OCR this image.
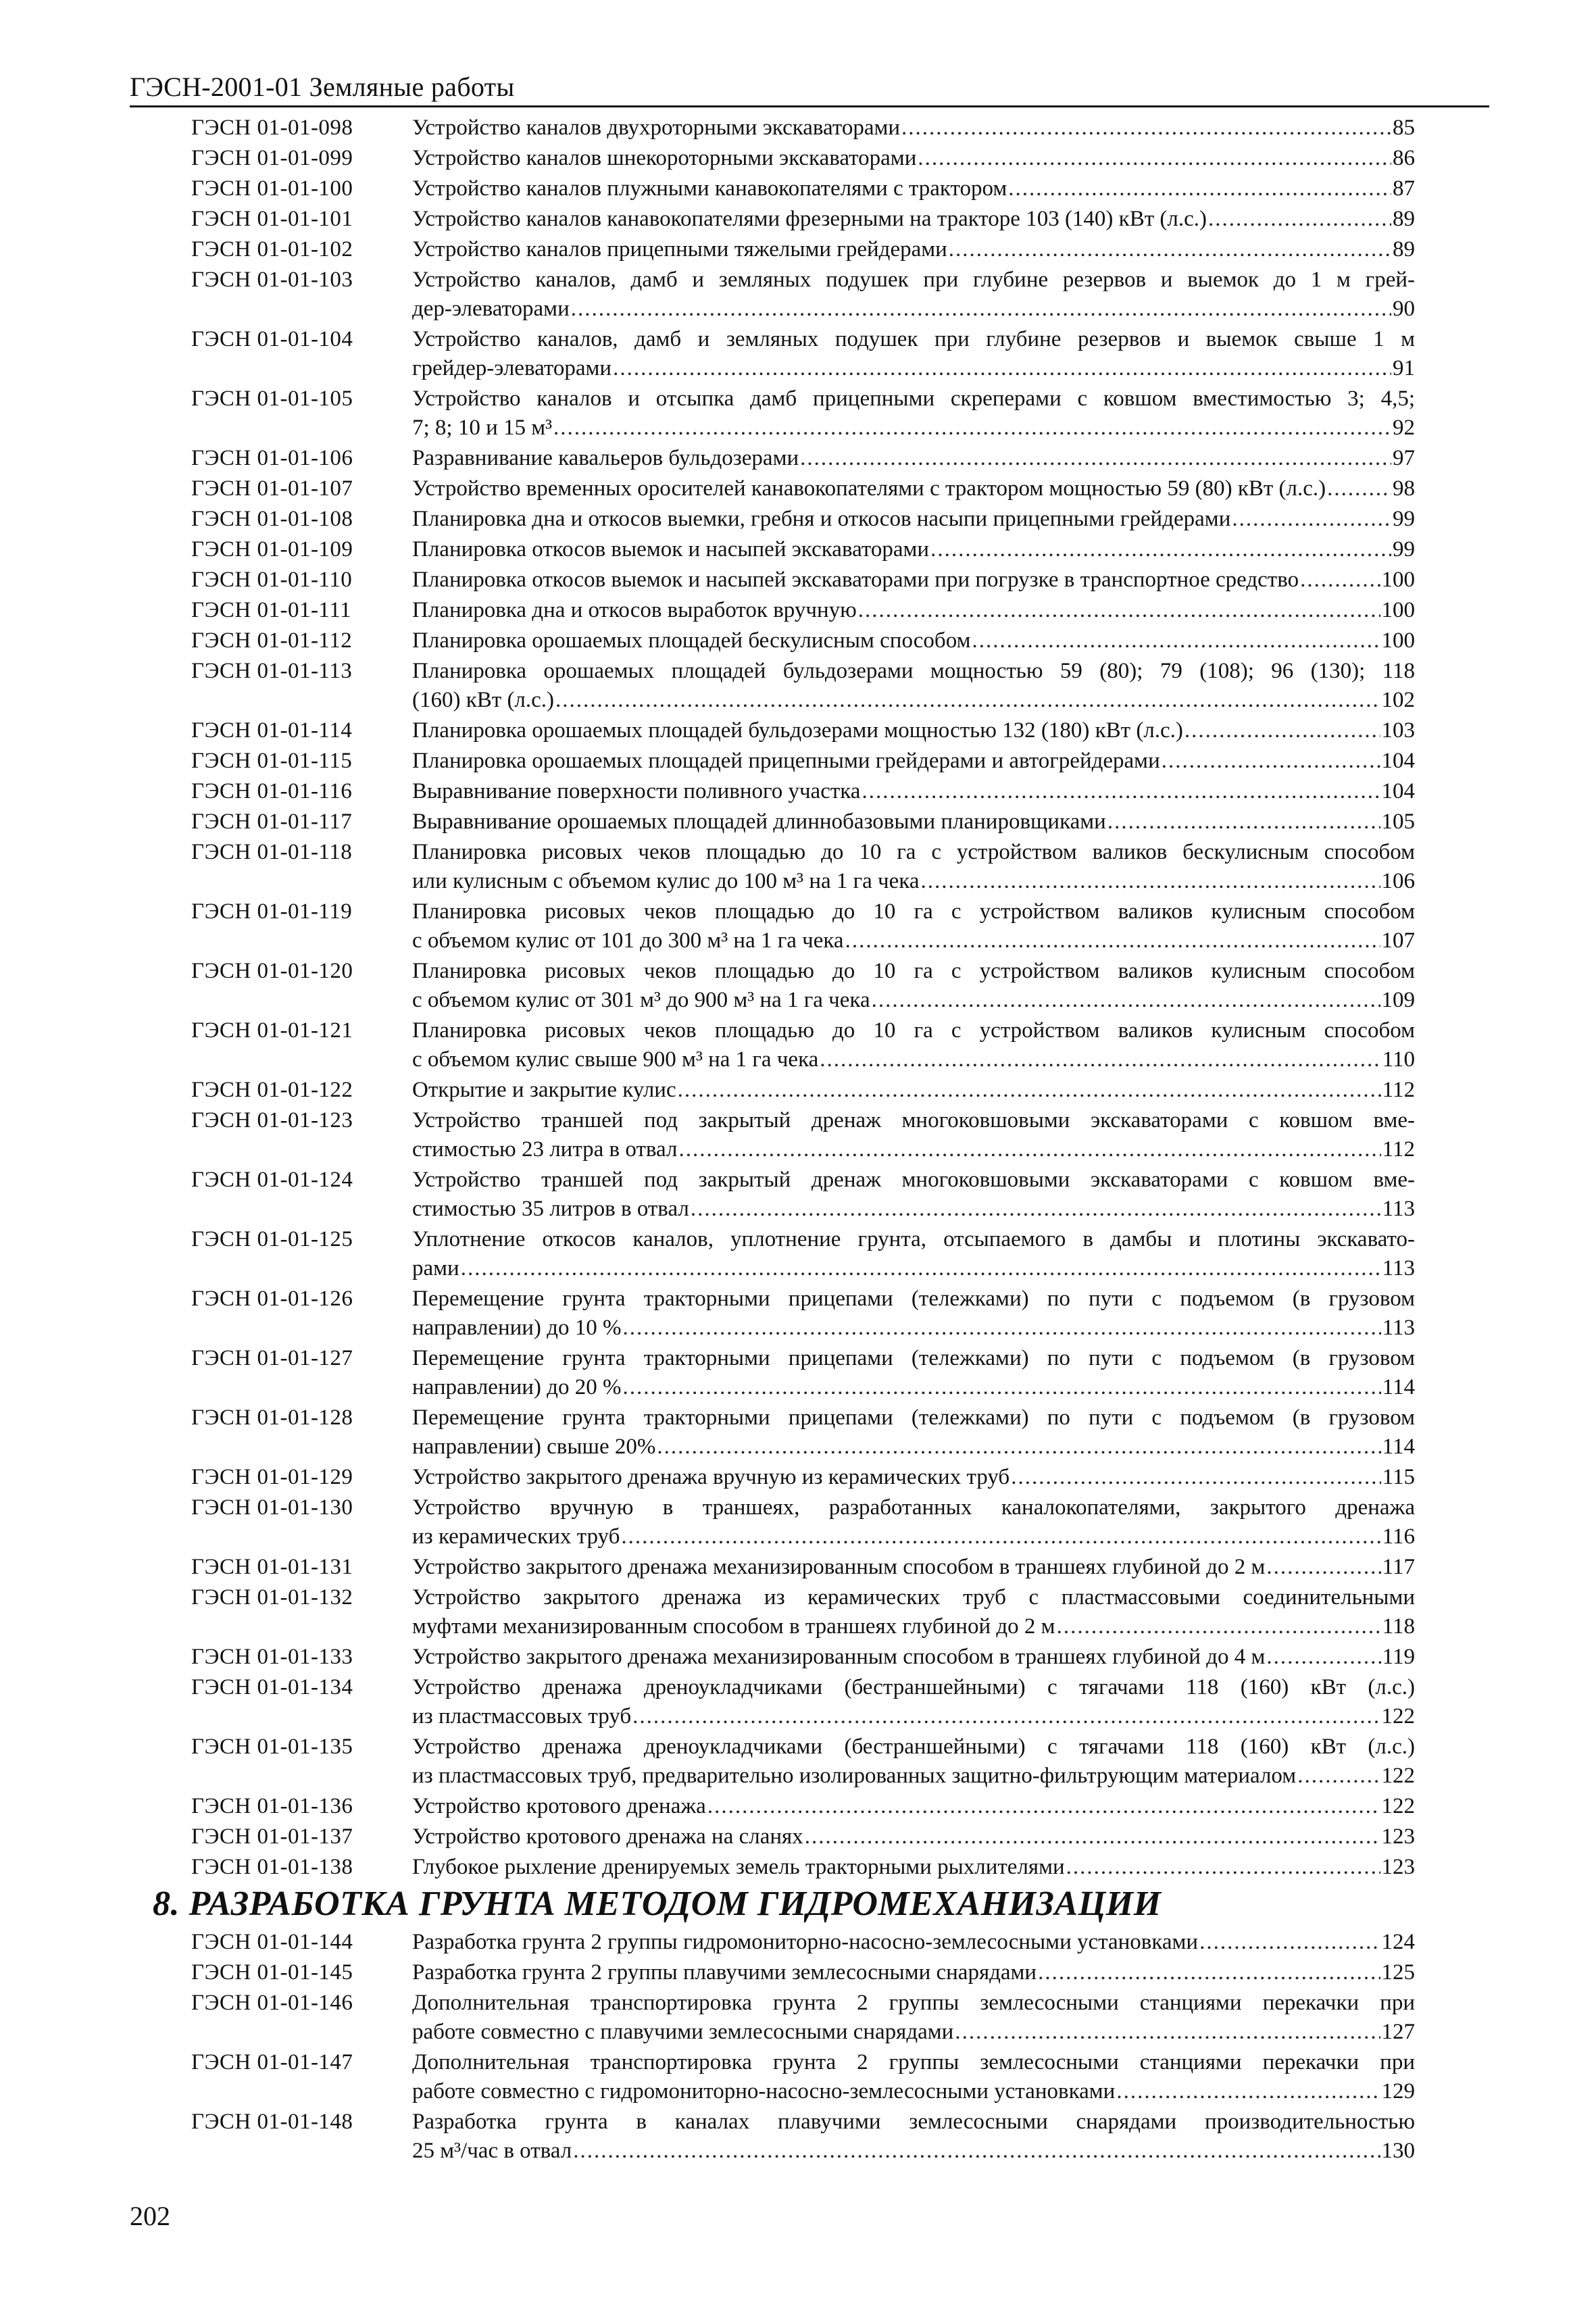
ГЭСН-2001-01 Земляные работы
ГЭСН 01-01-098	Устройство каналов двухроторными экскаваторами .....	85
ГЭСН 01-01-099	Устройство каналов шнекороторными экскаваторами .....	86
ГЭСН 01-01-100	Устройство каналов плужными канавокопателями с трактором .....	87
ГЭСН 01-01-101	Устройство каналов канавокопателями фрезерными на тракторе 103 (140) кВт (л.с.) .....	89
ГЭСН 01-01-102	Устройство каналов прицепными тяжелыми грейдерами .....	89
ГЭСН 01-01-103	Устройство каналов, дамб и земляных подушек при глубине резервов и выемок до 1 м грей-
дер-элеваторами .....	90
ГЭСН 01-01-104	Устройство каналов, дамб и земляных подушек при глубине резервов и выемок свыше 1 м
грейдер-элеваторами .....	91
ГЭСН 01-01-105	Устройство каналов и отсыпка дамб прицепными скреперами с ковшом вместимостью 3; 4,5;
7; 8; 10 и 15 м³ .....	92
ГЭСН 01-01-106	Разравнивание кавальеров бульдозерами .....	97
ГЭСН 01-01-107	Устройство временных оросителей канавокопателями с трактором мощностью 59 (80) кВт (л.с.) .....	98
ГЭСН 01-01-108	Планировка дна и откосов выемки, гребня и откосов насыпи прицепными грейдерами .....	99
ГЭСН 01-01-109	Планировка откосов выемок и насыпей экскаваторами .....	99
ГЭСН 01-01-110	Планировка откосов выемок и насыпей экскаваторами при погрузке в транспортное средство .....	100
ГЭСН 01-01-111	Планировка дна и откосов выработок вручную .....	100
ГЭСН 01-01-112	Планировка орошаемых площадей бескулисным способом .....	100
ГЭСН 01-01-113	Планировка орошаемых площадей бульдозерами мощностью 59 (80); 79 (108); 96 (130); 118
(160) кВт (л.с.) .....	102
ГЭСН 01-01-114	Планировка орошаемых площадей бульдозерами мощностью 132 (180) кВт (л.с.) .....	103
ГЭСН 01-01-115	Планировка орошаемых площадей прицепными грейдерами и автогрейдерами .....	104
ГЭСН 01-01-116	Выравнивание поверхности поливного участка .....	104
ГЭСН 01-01-117	Выравнивание орошаемых площадей длиннобазовыми планировщиками .....	105
ГЭСН 01-01-118	Планировка рисовых чеков площадью до 10 га с устройством валиков бескулисным способом
или кулисным с объемом кулис до 100 м³ на 1 га чека .....	106
ГЭСН 01-01-119	Планировка рисовых чеков площадью до 10 га с устройством валиков кулисным способом
с объемом кулис от 101 до 300 м³ на 1 га чека .....	107
ГЭСН 01-01-120	Планировка рисовых чеков площадью до 10 га с устройством валиков кулисным способом
с объемом кулис от 301 м³ до 900 м³ на 1 га чека .....	109
ГЭСН 01-01-121	Планировка рисовых чеков площадью до 10 га с устройством валиков кулисным способом
с объемом кулис свыше 900 м³ на 1 га чека .....	110
ГЭСН 01-01-122	Открытие и закрытие кулис .....	112
ГЭСН 01-01-123	Устройство траншей под закрытый дренаж многоковшовыми экскаваторами с ковшом вме-
стимостью 23 литра в отвал .....	112
ГЭСН 01-01-124	Устройство траншей под закрытый дренаж многоковшовыми экскаваторами с ковшом вме-
стимостью 35 литров в отвал .....	113
ГЭСН 01-01-125	Уплотнение откосов каналов, уплотнение грунта, отсыпаемого в дамбы и плотины экскавато-
рами .....	113
ГЭСН 01-01-126	Перемещение грунта тракторными прицепами (тележками) по пути с подъемом (в грузовом
направлении) до 10 % .....	113
ГЭСН 01-01-127	Перемещение грунта тракторными прицепами (тележками) по пути с подъемом (в грузовом
направлении) до 20 % .....	114
ГЭСН 01-01-128	Перемещение грунта тракторными прицепами (тележками) по пути с подъемом (в грузовом
направлении) свыше 20% .....	114
ГЭСН 01-01-129	Устройство закрытого дренажа вручную из керамических труб .....	115
ГЭСН 01-01-130	Устройство вручную в траншеях, разработанных каналокопателями, закрытого дренажа
из керамических труб .....	116
ГЭСН 01-01-131	Устройство закрытого дренажа механизированным способом в траншеях глубиной до 2 м .....	117
ГЭСН 01-01-132	Устройство закрытого дренажа из керамических труб с пластмассовыми соединительными
муфтами механизированным способом в траншеях глубиной до 2 м .....	118
ГЭСН 01-01-133	Устройство закрытого дренажа механизированным способом в траншеях глубиной до 4 м .....	119
ГЭСН 01-01-134	Устройство дренажа дреноукладчиками (бестраншейными) с тягачами 118 (160) кВт (л.с.)
из пластмассовых труб .....	122
ГЭСН 01-01-135	Устройство дренажа дреноукладчиками (бестраншейными) с тягачами 118 (160) кВт (л.с.)
из пластмассовых труб, предварительно изолированных защитно-фильтрующим материалом .....	122
ГЭСН 01-01-136	Устройство кротового дренажа .....	122
ГЭСН 01-01-137	Устройство кротового дренажа на сланях .....	123
ГЭСН 01-01-138	Глубокое рыхление дренируемых земель тракторными рыхлителями .....	123
8. РАЗРАБОТКА ГРУНТА МЕТОДОМ ГИДРОМЕХАНИЗАЦИИ
ГЭСН 01-01-144	Разработка грунта 2 группы гидромониторно-насосно-землесосными установками .....	124
ГЭСН 01-01-145	Разработка грунта 2 группы плавучими землесосными снарядами .....	125
ГЭСН 01-01-146	Дополнительная транспортировка грунта 2 группы землесосными станциями перекачки при
работе совместно с плавучими землесосными снарядами .....	127
ГЭСН 01-01-147	Дополнительная транспортировка грунта 2 группы землесосными станциями перекачки при
работе совместно с гидромониторно-насосно-землесосными установками .....	129
ГЭСН 01-01-148	Разработка грунта в каналах плавучими землесосными снарядами производительностью
25 м³/час в отвал .....	130
202
